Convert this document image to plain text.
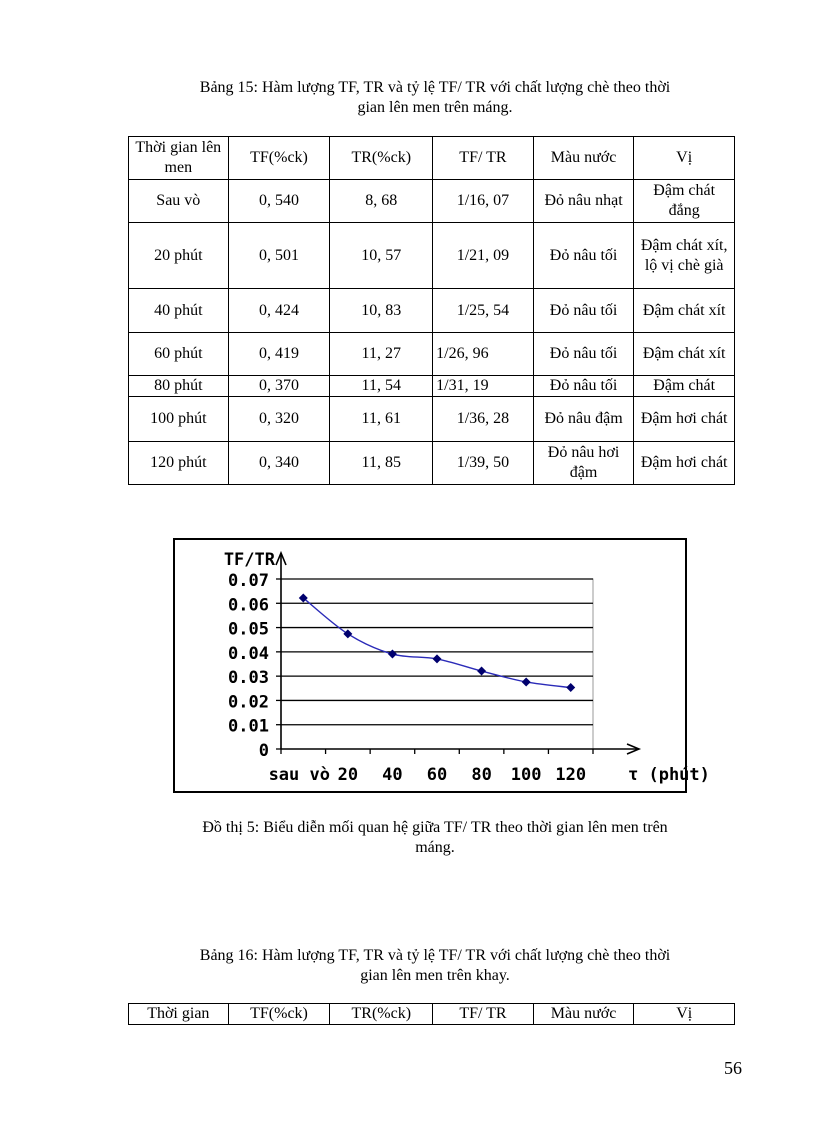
Bảng 15: Hàm lượng TF, TR và tỷ lệ TF/ TR với chất lượng chè theo thời
gian lên men trên máng.
Thời gian lên men	TF(%ck)	TR(%ck)	TF/ TR	Màu nước	Vị
Sau vò	0, 540	8, 68	1/16, 07	Đỏ nâu nhạt	Đậm chát đắng
20 phút	0, 501	10, 57	1/21, 09	Đỏ nâu tối	Đậm chát xít, lộ vị chè già
40 phút	0, 424	10, 83	1/25, 54	Đỏ nâu tối	Đậm chát xít
60 phút	0, 419	11, 27	1/26, 96	Đỏ nâu tối	Đậm chát xít
80 phút	0, 370	11, 54	1/31, 19	Đỏ nâu tối	Đậm chát
100 phút	0, 320	11, 61	1/36, 28	Đỏ nâu đậm	Đậm hơi chát
120 phút	0, 340	11, 85	1/39, 50	Đỏ nâu hơi đậm	Đậm hơi chát
0
0.01
0.02
0.03
0.04
0.05
0.06
0.07
sau vò 20 40 60 80 100 120 τ (phút)
TF/TR
Đồ thị 5: Biểu diễn mối quan hệ giữa TF/ TR theo thời gian lên men trên
máng.
Bảng 16: Hàm lượng TF, TR và tỷ lệ TF/ TR với chất lượng chè theo thời
gian lên men trên khay.
Thời gian	TF(%ck)	TR(%ck)	TF/ TR	Màu nước	Vị
56
